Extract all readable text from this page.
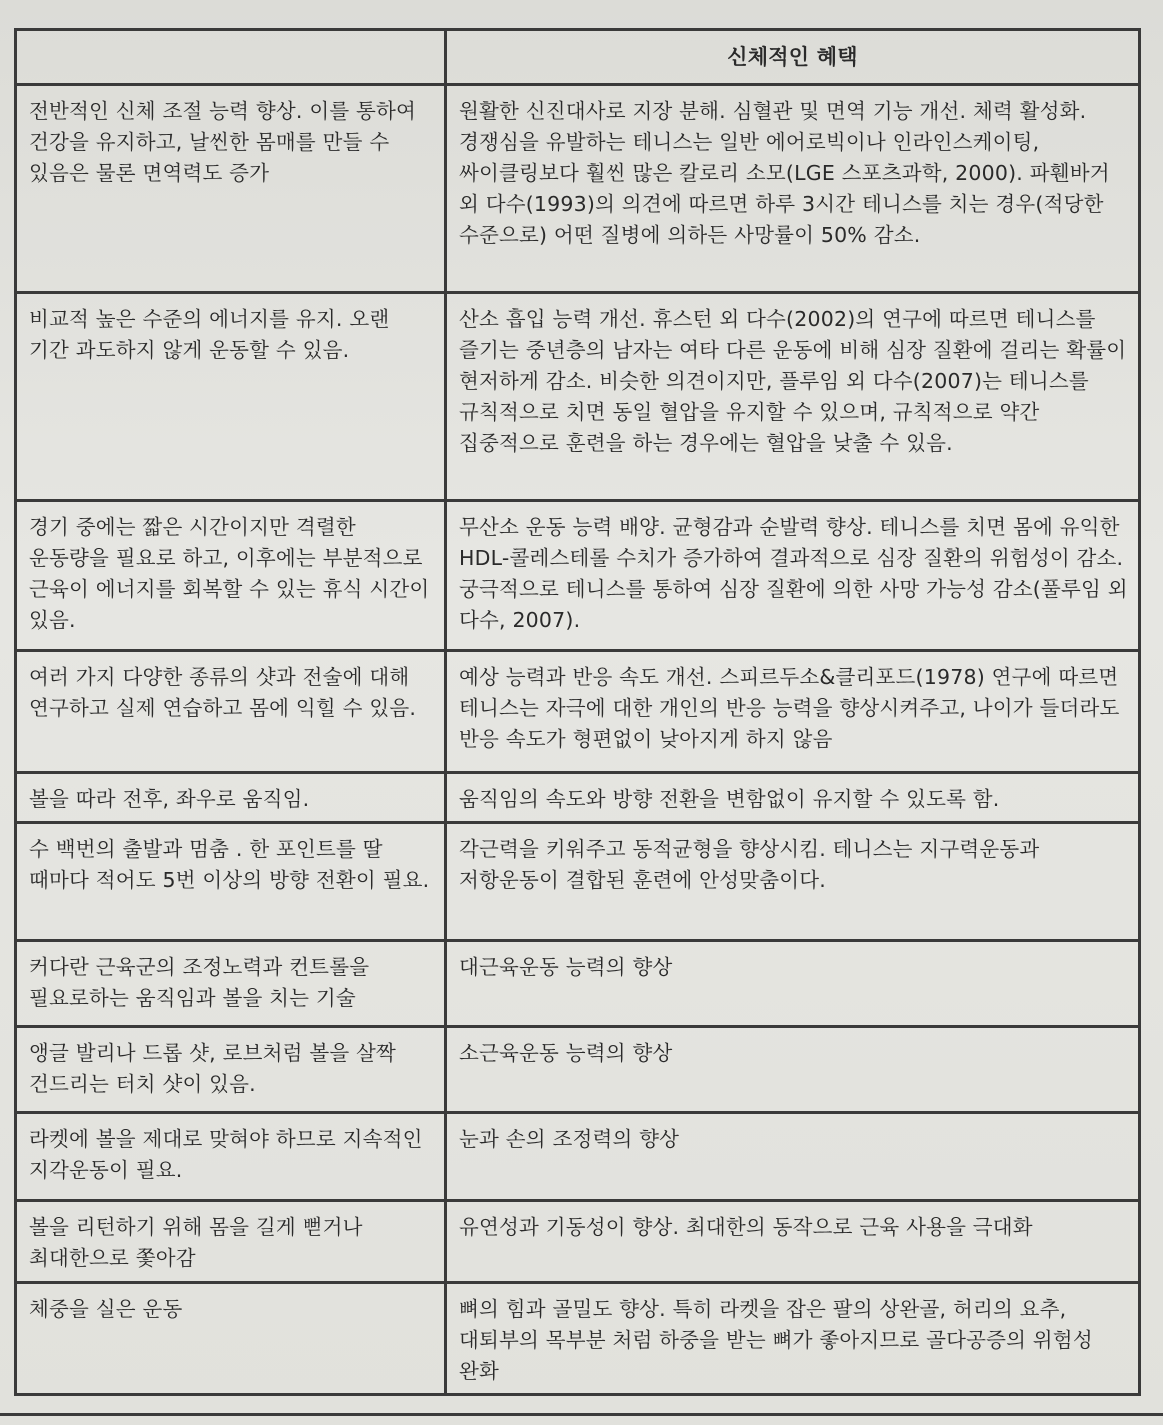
	신체적인 혜택
전반적인 신체 조절 능력 향상. 이를 통하여 건강을 유지하고, 날씬한 몸매를 만들 수 있음은 물론 면역력도 증가	원활한 신진대사로 지장 분해. 심혈관 및 면역 기능 개선. 체력 활성화. 경쟁심을 유발하는 테니스는 일반 에어로빅이나 인라인스케이팅, 싸이클링보다 훨씬 많은 칼로리 소모(LGE 스포츠과학, 2000). 파휀바거 외 다수(1993)의 의견에 따르면 하루 3시간 테니스를 치는 경우(적당한 수준으로) 어떤 질병에 의하든 사망률이 50% 감소.
비교적 높은 수준의 에너지를 유지. 오랜 기간 과도하지 않게 운동할 수 있음.	산소 흡입 능력 개선. 휴스턴 외 다수(2002)의 연구에 따르면 테니스를 즐기는 중년층의 남자는 여타 다른 운동에 비해 심장 질환에 걸리는 확률이 현저하게 감소. 비슷한 의견이지만, 플루임 외 다수(2007)는 테니스를 규칙적으로 치면 동일 혈압을 유지할 수 있으며, 규칙적으로 약간 집중적으로 훈련을 하는 경우에는 혈압을 낮출 수 있음.
경기 중에는 짧은 시간이지만 격렬한 운동량을 필요로 하고, 이후에는 부분적으로 근육이 에너지를 회복할 수 있는 휴식 시간이 있음.	무산소 운동 능력 배양. 균형감과 순발력 향상. 테니스를 치면 몸에 유익한 HDL-콜레스테롤 수치가 증가하여 결과적으로 심장 질환의 위험성이 감소. 궁극적으로 테니스를 통하여 심장 질환에 의한 사망 가능성 감소(풀루임 외 다수, 2007).
여러 가지 다양한 종류의 샷과 전술에 대해 연구하고 실제 연습하고 몸에 익힐 수 있음.	예상 능력과 반응 속도 개선. 스피르두소&클리포드(1978) 연구에 따르면 테니스는 자극에 대한 개인의 반응 능력을 향상시켜주고, 나이가 들더라도 반응 속도가 형편없이 낮아지게 하지 않음
볼을 따라 전후, 좌우로 움직임.	움직임의 속도와 방향 전환을 변함없이 유지할 수 있도록 함.
수 백번의 출발과 멈춤 . 한 포인트를 딸 때마다 적어도 5번 이상의 방향 전환이 필요.	각근력을 키워주고 동적균형을 향상시킴. 테니스는 지구력운동과 저항운동이 결합된 훈련에 안성맞춤이다.
커다란 근육군의 조정노력과 컨트롤을 필요로하는 움직임과 볼을 치는 기술	대근육운동 능력의 향상
앵글 발리나 드롭 샷, 로브처럼 볼을 살짝 건드리는 터치 샷이 있음.	소근육운동 능력의 향상
라켓에 볼을 제대로 맞혀야 하므로 지속적인 지각운동이 필요.	눈과 손의 조정력의 향상
볼을 리턴하기 위해 몸을 길게 뻗거나 최대한으로 쫓아감	유연성과 기동성이 향상. 최대한의 동작으로 근육 사용을 극대화
체중을 실은 운동	뼈의 힘과 골밀도 향상. 특히 라켓을 잡은 팔의 상완골, 허리의 요추, 대퇴부의 목부분 처럼 하중을 받는 뼈가 좋아지므로 골다공증의 위험성 완화
